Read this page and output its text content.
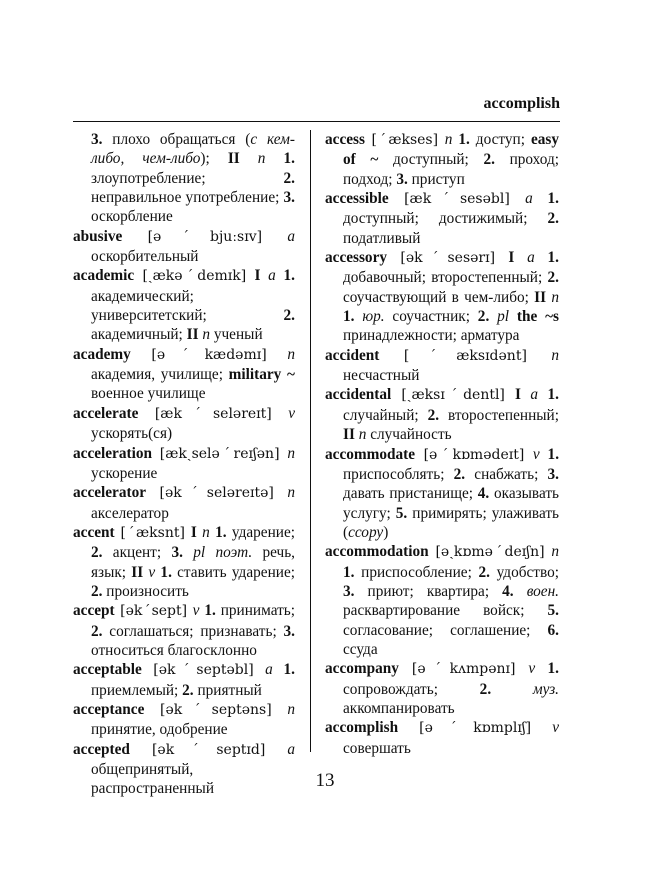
accomplish

3. плохо обращаться (с кем-либо, чем-либо); II n 1. злоупотребление; 2. неправильное употребление; 3. оскорбление

abusive [əˊbjuːsɪv] a оскорбительный

academic [ˏækəˊdemɪk] I a 1. академический; университетский; 2. академичный; II n ученый

academy [əˊkædəmɪ] n академия, училище; military ~ военное училище

accelerate [ækˊseləreɪt] v ускорять(ся)

acceleration [ækˏseləˊreɪʃən] n ускорение

accelerator [əkˊseləreɪtə] n акселератор

accent [ˊæksnt] I n 1. ударение; 2. акцент; 3. pl поэт. речь, язык; II v 1. ставить ударение; 2. произносить

accept [əkˊsept] v 1. принимать; 2. соглашаться; признавать; 3. относиться благосклонно

acceptable [əkˊseptəbl] a 1. приемлемый; 2. приятный

acceptance [əkˊseptəns] n принятие, одобрение

accepted [əkˊseptɪd] a общепринятый, распространенный

access [ˊækses] n 1. доступ; easy of ~ доступный; 2. проход; подход; 3. приступ

accessible [ækˊsesəbl] a 1. доступный; достижимый; 2. податливый

accessory [əkˊsesərɪ] I a 1. добавочный; второстепенный; 2. соучаствующий в чем-либо; II n 1. юр. соучастник; 2. pl the ~s принадлежности; арматура

accident [ˊæksɪdənt] n несчастный

accidental [ˏæksɪˊdentl] I a 1. случайный; 2. второстепенный; II n случайность

accommodate [əˊkɒmədeɪt] v 1. приспособлять; 2. снабжать; 3. давать пристанище; 4. оказывать услугу; 5. примирять; улаживать (ссору)

accommodation [əˏkɒməˊdeɪʃn] n 1. приспособление; 2. удобство; 3. приют; квартира; 4. воен. расквартирование войск; 5. согласование; соглашение; 6. ссуда

accompany [əˊkʌmpənɪ] v 1. сопровождать; 2. муз. аккомпанировать

accomplish [əˊkɒmplɪʃ] v совершать

13
